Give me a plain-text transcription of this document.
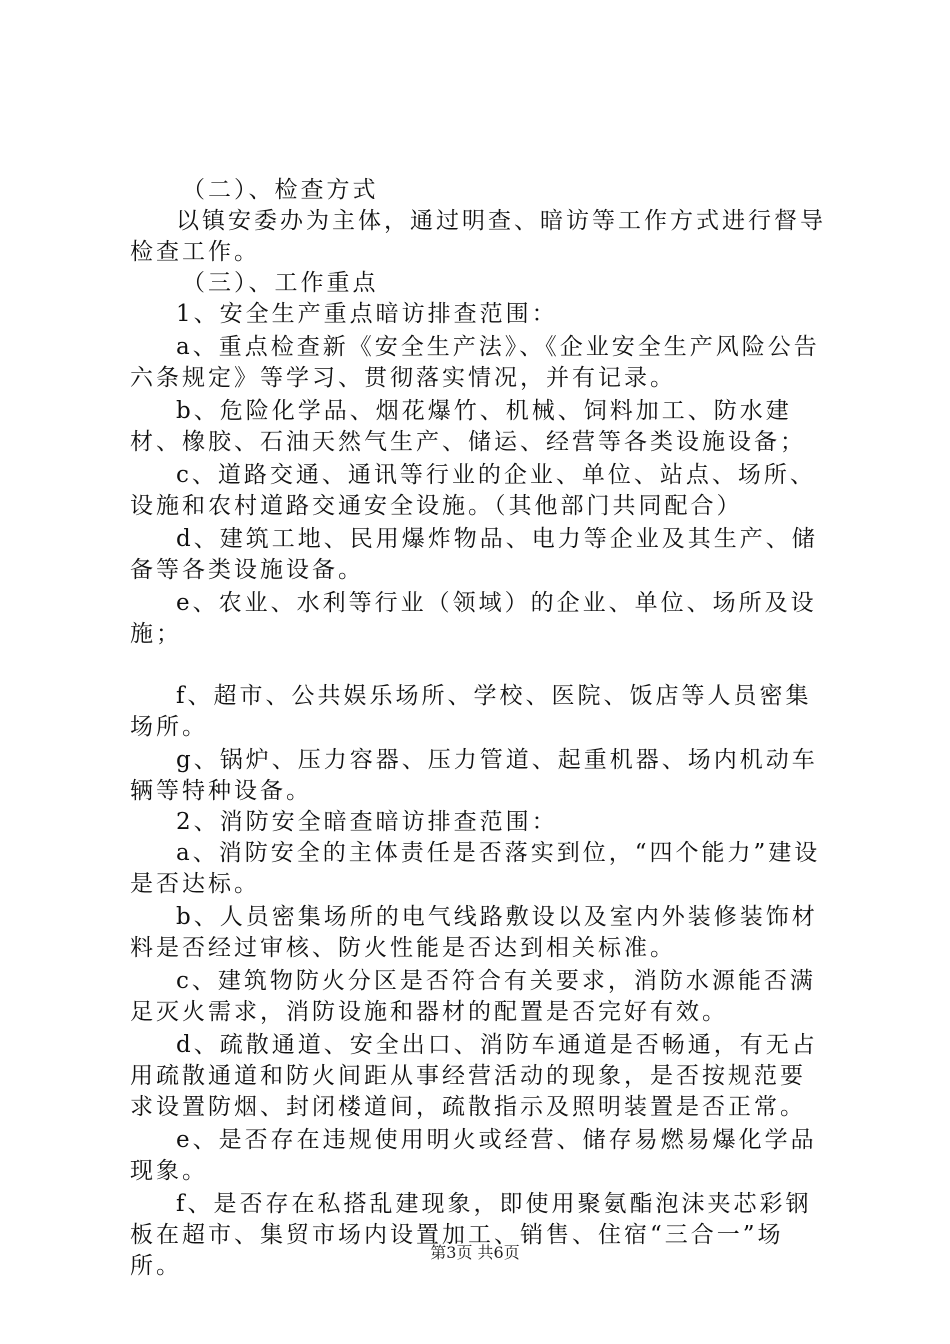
（二）、检查方式

以镇安委办为主体，通过明查、暗访等工作方式进行督导检查工作。

（三）、工作重点

1、安全生产重点暗访排查范围：

a、重点检查新《安全生产法》、《企业安全生产风险公告六条规定》等学习、贯彻落实情况，并有记录。

b、危险化学品、烟花爆竹、机械、饲料加工、防水建材、橡胶、石油天然气生产、储运、经营等各类设施设备；

c、道路交通、通讯等行业的企业、单位、站点、场所、设施和农村道路交通安全设施。（其他部门共同配合）

d、建筑工地、民用爆炸物品、电力等企业及其生产、储备等各类设施设备。

e、农业、水利等行业（领域）的企业、单位、场所及设施；

f、超市、公共娱乐场所、学校、医院、饭店等人员密集场所。

g、锅炉、压力容器、压力管道、起重机器、场内机动车辆等特种设备。

2、消防安全暗查暗访排查范围：

a、消防安全的主体责任是否落实到位，“四个能力”建设是否达标。

b、人员密集场所的电气线路敷设以及室内外装修装饰材料是否经过审核、防火性能是否达到相关标准。

c、建筑物防火分区是否符合有关要求，消防水源能否满足灭火需求，消防设施和器材的配置是否完好有效。

d、疏散通道、安全出口、消防车通道是否畅通，有无占用疏散通道和防火间距从事经营活动的现象，是否按规范要求设置防烟、封闭楼道间，疏散指示及照明装置是否正常。

e、是否存在违规使用明火或经营、储存易燃易爆化学品现象。

f、是否存在私搭乱建现象，即使用聚氨酯泡沫夹芯彩钢板在超市、集贸市场内设置加工、销售、住宿“三合一”场所。

第3页 共6页
